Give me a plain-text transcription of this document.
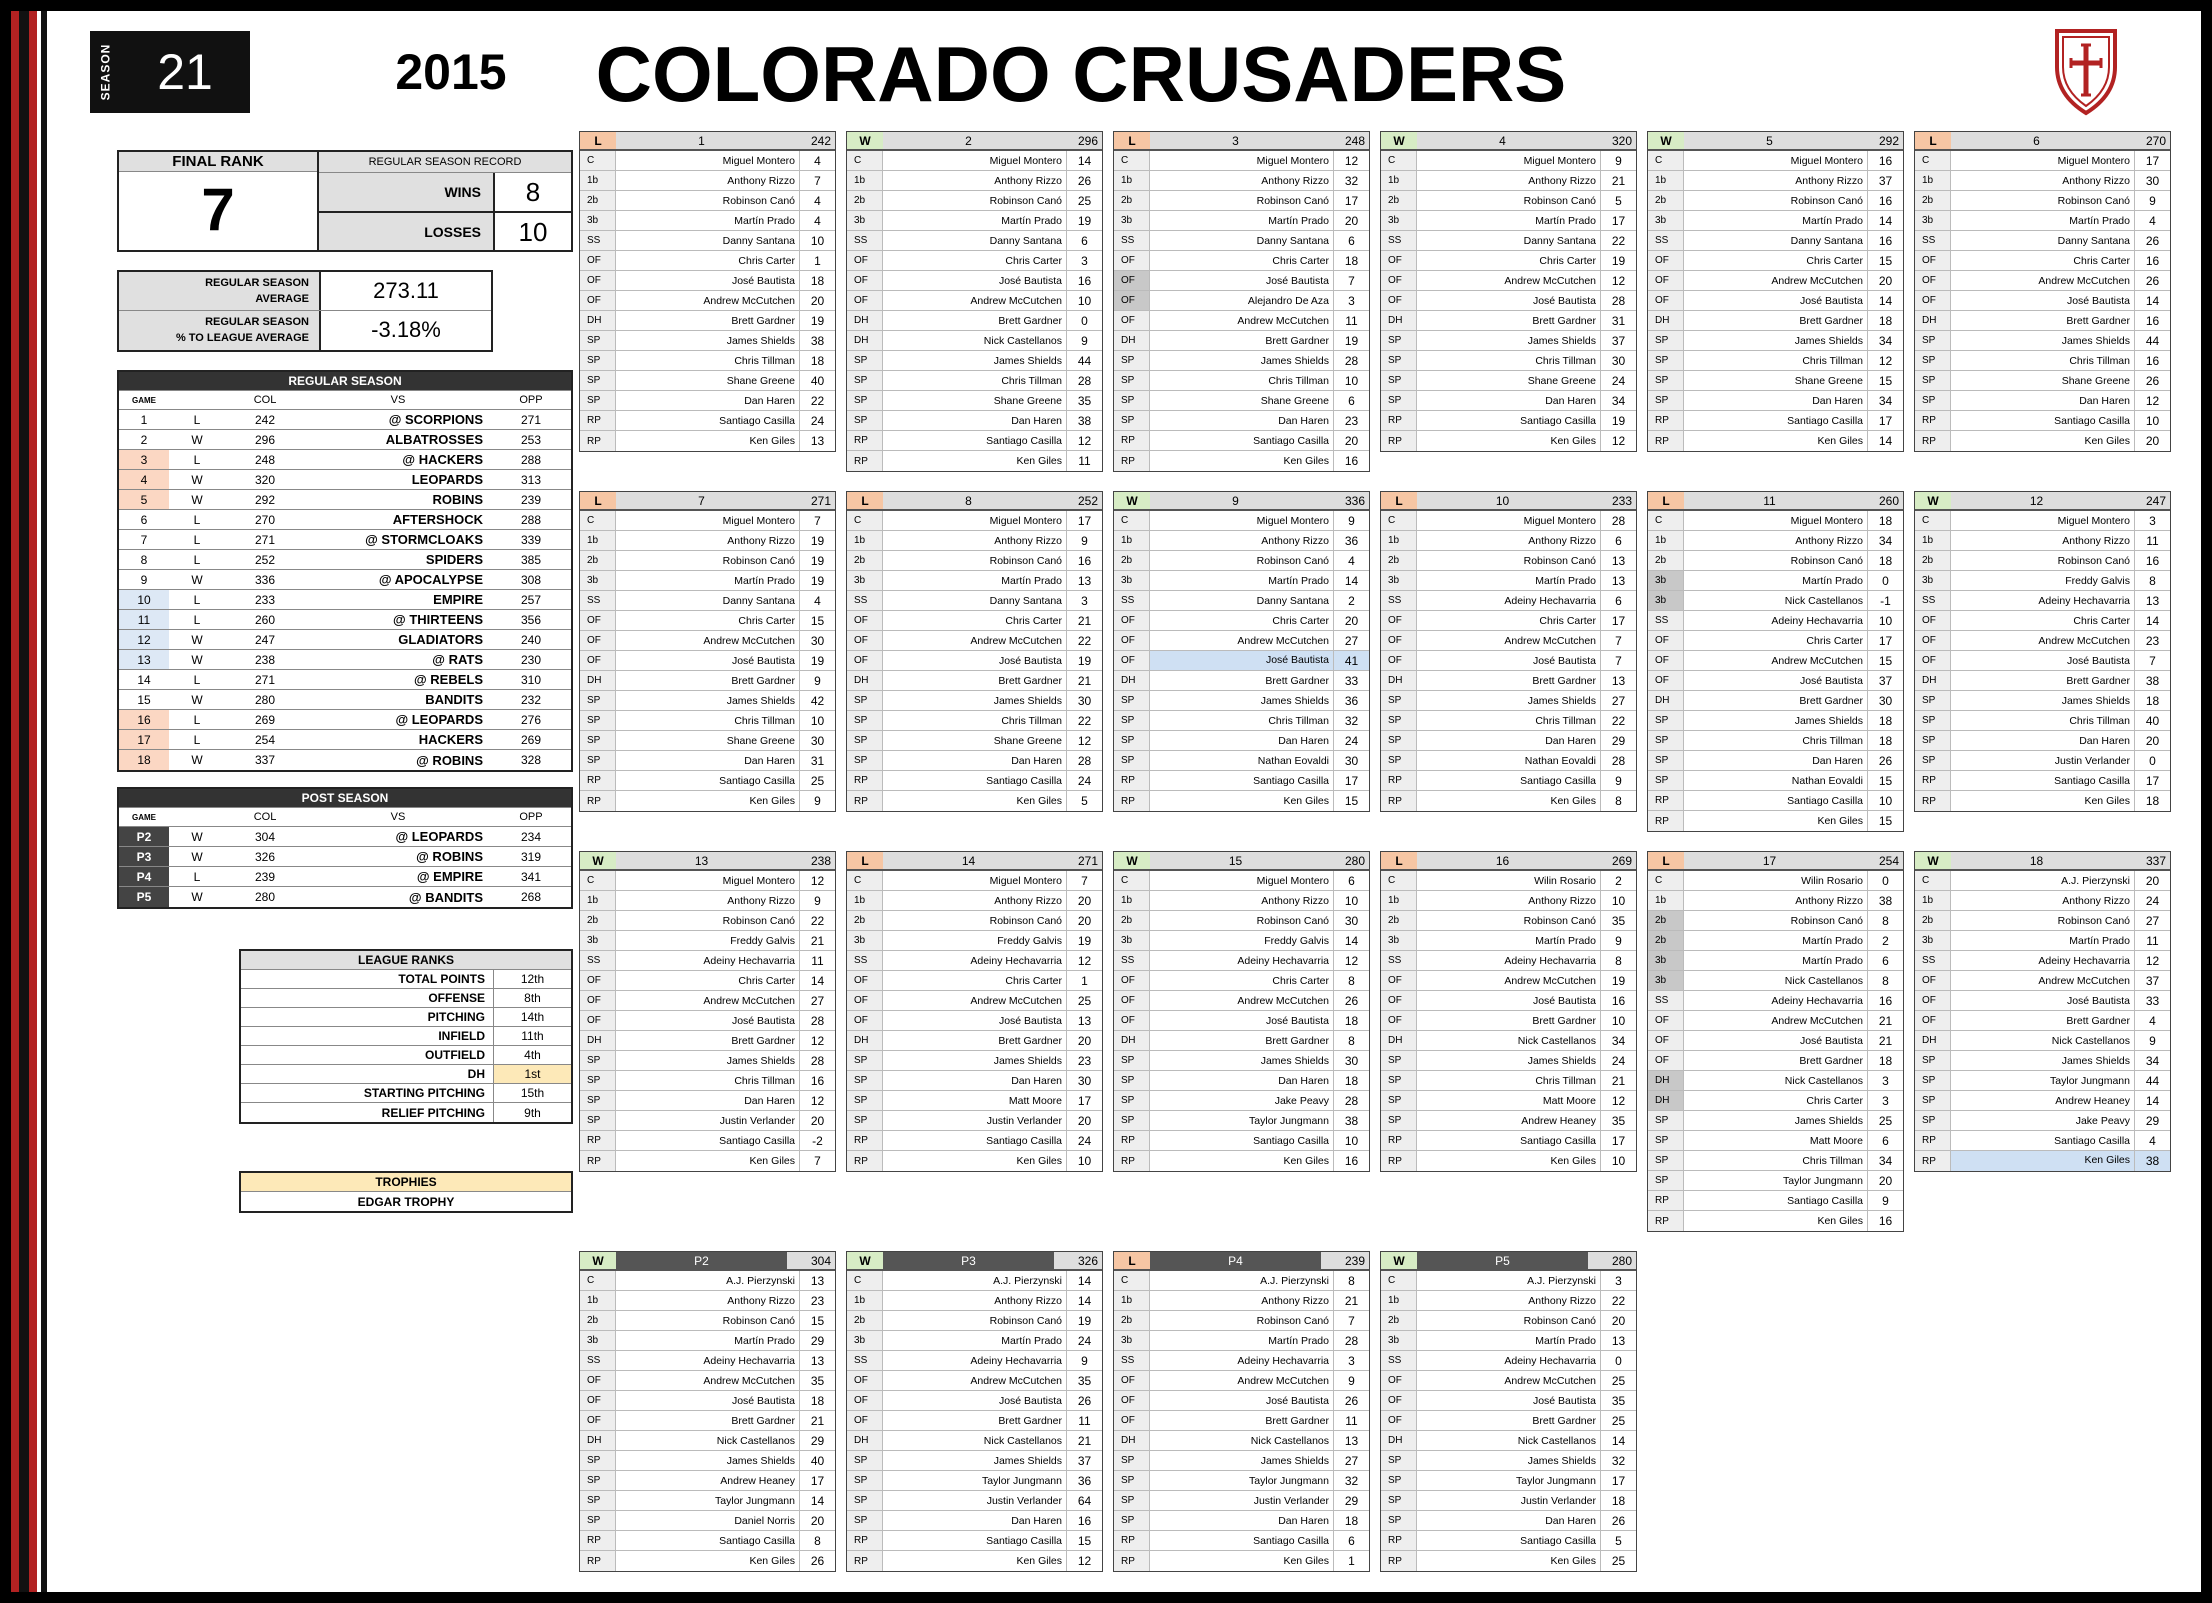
SEASON 21	2015	COLORADO CRUSADERS
FINAL RANK
7
REGULAR SEASON RECORD
WINS	8
LOSSES	10
REGULAR SEASON
AVERAGE	273.11
REGULAR SEASON
% TO LEAGUE AVERAGE	-3.18%
REGULAR SEASON
GAME	COL	VS	OPP
1	L	242	@ SCORPIONS	271
2	W	296	ALBATROSSES	253
3	L	248	@ HACKERS	288
4	W	320	LEOPARDS	313
5	W	292	ROBINS	239
6	L	270	AFTERSHOCK	288
7	L	271	@ STORMCLOAKS	339
8	L	252	SPIDERS	385
9	W	336	@ APOCALYPSE	308
10	L	233	EMPIRE	257
11	L	260	@ THIRTEENS	356
12	W	247	GLADIATORS	240
13	W	238	@ RATS	230
14	L	271	@ REBELS	310
15	W	280	BANDITS	232
16	L	269	@ LEOPARDS	276
17	L	254	HACKERS	269
18	W	337	@ ROBINS	328
POST SEASON
GAME	COL	VS	OPP
P2	W	304	@ LEOPARDS	234
P3	W	326	@ ROBINS	319
P4	L	239	@ EMPIRE	341
P5	W	280	@ BANDITS	268
LEAGUE RANKS
TOTAL POINTS	12th
OFFENSE	8th
PITCHING	14th
INFIELD	11th
OUTFIELD	4th
DH	1st
STARTING PITCHING	15th
RELIEF PITCHING	9th
TROPHIES
EDGAR TROPHY
L	1	242
C	Miguel Montero	4
1b	Anthony Rizzo	7
2b	Robinson Canó	4
3b	Martín Prado	4
SS	Danny Santana	10
OF	Chris Carter	1
OF	José Bautista	18
OF	Andrew McCutchen	20
DH	Brett Gardner	19
SP	James Shields	38
SP	Chris Tillman	18
SP	Shane Greene	40
SP	Dan Haren	22
RP	Santiago Casilla	24
RP	Ken Giles	13
W	2	296
C	Miguel Montero	14
1b	Anthony Rizzo	26
2b	Robinson Canó	25
3b	Martín Prado	19
SS	Danny Santana	6
OF	Chris Carter	3
OF	José Bautista	16
OF	Andrew McCutchen	10
DH	Brett Gardner	0
DH	Nick Castellanos	9
SP	James Shields	44
SP	Chris Tillman	28
SP	Shane Greene	35
SP	Dan Haren	38
RP	Santiago Casilla	12
RP	Ken Giles	11
L	3	248
C	Miguel Montero	12
1b	Anthony Rizzo	32
2b	Robinson Canó	17
3b	Martín Prado	20
SS	Danny Santana	6
OF	Chris Carter	18
OF	José Bautista	7
OF	Alejandro De Aza	3
OF	Andrew McCutchen	11
DH	Brett Gardner	19
SP	James Shields	28
SP	Chris Tillman	10
SP	Shane Greene	6
SP	Dan Haren	23
RP	Santiago Casilla	20
RP	Ken Giles	16
W	4	320
C	Miguel Montero	9
1b	Anthony Rizzo	21
2b	Robinson Canó	5
3b	Martín Prado	17
SS	Danny Santana	22
OF	Chris Carter	19
OF	Andrew McCutchen	12
OF	José Bautista	28
DH	Brett Gardner	31
SP	James Shields	37
SP	Chris Tillman	30
SP	Shane Greene	24
SP	Dan Haren	34
RP	Santiago Casilla	19
RP	Ken Giles	12
W	5	292
C	Miguel Montero	16
1b	Anthony Rizzo	37
2b	Robinson Canó	16
3b	Martín Prado	14
SS	Danny Santana	16
OF	Chris Carter	15
OF	Andrew McCutchen	20
OF	José Bautista	14
DH	Brett Gardner	18
SP	James Shields	34
SP	Chris Tillman	12
SP	Shane Greene	15
SP	Dan Haren	34
RP	Santiago Casilla	17
RP	Ken Giles	14
L	6	270
C	Miguel Montero	17
1b	Anthony Rizzo	30
2b	Robinson Canó	9
3b	Martín Prado	4
SS	Danny Santana	26
OF	Chris Carter	16
OF	Andrew McCutchen	26
OF	José Bautista	14
DH	Brett Gardner	16
SP	James Shields	44
SP	Chris Tillman	16
SP	Shane Greene	26
SP	Dan Haren	12
RP	Santiago Casilla	10
RP	Ken Giles	20
L	7	271
C	Miguel Montero	7
1b	Anthony Rizzo	19
2b	Robinson Canó	19
3b	Martín Prado	19
SS	Danny Santana	4
OF	Chris Carter	15
OF	Andrew McCutchen	30
OF	José Bautista	19
DH	Brett Gardner	9
SP	James Shields	42
SP	Chris Tillman	10
SP	Shane Greene	30
SP	Dan Haren	31
RP	Santiago Casilla	25
RP	Ken Giles	9
L	8	252
C	Miguel Montero	17
1b	Anthony Rizzo	9
2b	Robinson Canó	16
3b	Martín Prado	13
SS	Danny Santana	3
OF	Chris Carter	21
OF	Andrew McCutchen	22
OF	José Bautista	19
DH	Brett Gardner	21
SP	James Shields	30
SP	Chris Tillman	22
SP	Shane Greene	12
SP	Dan Haren	28
RP	Santiago Casilla	24
RP	Ken Giles	5
W	9	336
C	Miguel Montero	9
1b	Anthony Rizzo	36
2b	Robinson Canó	4
3b	Martín Prado	14
SS	Danny Santana	2
OF	Chris Carter	20
OF	Andrew McCutchen	27
OF	José Bautista	41
DH	Brett Gardner	33
SP	James Shields	36
SP	Chris Tillman	32
SP	Dan Haren	24
SP	Nathan Eovaldi	30
RP	Santiago Casilla	17
RP	Ken Giles	15
L	10	233
C	Miguel Montero	28
1b	Anthony Rizzo	6
2b	Robinson Canó	13
3b	Martín Prado	13
SS	Adeiny Hechavarria	6
OF	Chris Carter	17
OF	Andrew McCutchen	7
OF	José Bautista	7
DH	Brett Gardner	13
SP	James Shields	27
SP	Chris Tillman	22
SP	Dan Haren	29
SP	Nathan Eovaldi	28
RP	Santiago Casilla	9
RP	Ken Giles	8
L	11	260
C	Miguel Montero	18
1b	Anthony Rizzo	34
2b	Robinson Canó	18
3b	Martín Prado	0
3b	Nick Castellanos	-1
SS	Adeiny Hechavarria	10
OF	Chris Carter	17
OF	Andrew McCutchen	15
OF	José Bautista	37
DH	Brett Gardner	30
SP	James Shields	18
SP	Chris Tillman	18
SP	Dan Haren	26
SP	Nathan Eovaldi	15
RP	Santiago Casilla	10
RP	Ken Giles	15
W	12	247
C	Miguel Montero	3
1b	Anthony Rizzo	11
2b	Robinson Canó	16
3b	Freddy Galvis	8
SS	Adeiny Hechavarria	13
OF	Chris Carter	14
OF	Andrew McCutchen	23
OF	José Bautista	7
DH	Brett Gardner	38
SP	James Shields	18
SP	Chris Tillman	40
SP	Dan Haren	20
SP	Justin Verlander	0
RP	Santiago Casilla	17
RP	Ken Giles	18
W	13	238
C	Miguel Montero	12
1b	Anthony Rizzo	9
2b	Robinson Canó	22
3b	Freddy Galvis	21
SS	Adeiny Hechavarria	11
OF	Chris Carter	14
OF	Andrew McCutchen	27
OF	José Bautista	28
DH	Brett Gardner	12
SP	James Shields	28
SP	Chris Tillman	16
SP	Dan Haren	12
SP	Justin Verlander	20
RP	Santiago Casilla	-2
RP	Ken Giles	7
L	14	271
C	Miguel Montero	7
1b	Anthony Rizzo	20
2b	Robinson Canó	20
3b	Freddy Galvis	19
SS	Adeiny Hechavarria	12
OF	Chris Carter	1
OF	Andrew McCutchen	25
OF	José Bautista	13
DH	Brett Gardner	20
SP	James Shields	23
SP	Dan Haren	30
SP	Matt Moore	17
SP	Justin Verlander	20
RP	Santiago Casilla	24
RP	Ken Giles	10
W	15	280
C	Miguel Montero	6
1b	Anthony Rizzo	10
2b	Robinson Canó	30
3b	Freddy Galvis	14
SS	Adeiny Hechavarria	12
OF	Chris Carter	8
OF	Andrew McCutchen	26
OF	José Bautista	18
DH	Brett Gardner	8
SP	James Shields	30
SP	Dan Haren	18
SP	Jake Peavy	28
SP	Taylor Jungmann	38
RP	Santiago Casilla	10
RP	Ken Giles	16
L	16	269
C	Wilin Rosario	2
1b	Anthony Rizzo	10
2b	Robinson Canó	35
3b	Martín Prado	9
SS	Adeiny Hechavarria	8
OF	Andrew McCutchen	19
OF	José Bautista	16
OF	Brett Gardner	10
DH	Nick Castellanos	34
SP	James Shields	24
SP	Chris Tillman	21
SP	Matt Moore	12
SP	Andrew Heaney	35
RP	Santiago Casilla	17
RP	Ken Giles	10
L	17	254
C	Wilin Rosario	0
1b	Anthony Rizzo	38
2b	Robinson Canó	8
2b	Martín Prado	2
3b	Martín Prado	6
3b	Nick Castellanos	8
SS	Adeiny Hechavarria	16
OF	Andrew McCutchen	21
OF	José Bautista	21
OF	Brett Gardner	18
DH	Nick Castellanos	3
DH	Chris Carter	3
SP	James Shields	25
SP	Matt Moore	6
SP	Chris Tillman	34
SP	Taylor Jungmann	20
RP	Santiago Casilla	9
RP	Ken Giles	16
W	18	337
C	A.J. Pierzynski	20
1b	Anthony Rizzo	24
2b	Robinson Canó	27
3b	Martín Prado	11
SS	Adeiny Hechavarria	12
OF	Andrew McCutchen	37
OF	José Bautista	33
OF	Brett Gardner	4
DH	Nick Castellanos	9
SP	James Shields	34
SP	Taylor Jungmann	44
SP	Andrew Heaney	14
SP	Jake Peavy	29
RP	Santiago Casilla	4
RP	Ken Giles	38
W	P2	304
C	A.J. Pierzynski	13
1b	Anthony Rizzo	23
2b	Robinson Canó	15
3b	Martín Prado	29
SS	Adeiny Hechavarria	13
OF	Andrew McCutchen	35
OF	José Bautista	18
OF	Brett Gardner	21
DH	Nick Castellanos	29
SP	James Shields	40
SP	Andrew Heaney	17
SP	Taylor Jungmann	14
SP	Daniel Norris	20
RP	Santiago Casilla	8
RP	Ken Giles	26
W	P3	326
C	A.J. Pierzynski	14
1b	Anthony Rizzo	14
2b	Robinson Canó	19
3b	Martín Prado	24
SS	Adeiny Hechavarria	9
OF	Andrew McCutchen	35
OF	José Bautista	26
OF	Brett Gardner	11
DH	Nick Castellanos	21
SP	James Shields	37
SP	Taylor Jungmann	36
SP	Justin Verlander	64
SP	Dan Haren	16
RP	Santiago Casilla	15
RP	Ken Giles	12
L	P4	239
C	A.J. Pierzynski	8
1b	Anthony Rizzo	21
2b	Robinson Canó	7
3b	Martín Prado	28
SS	Adeiny Hechavarria	3
OF	Andrew McCutchen	9
OF	José Bautista	26
OF	Brett Gardner	11
DH	Nick Castellanos	13
SP	James Shields	27
SP	Taylor Jungmann	32
SP	Justin Verlander	29
SP	Dan Haren	18
RP	Santiago Casilla	6
RP	Ken Giles	1
W	P5	280
C	A.J. Pierzynski	3
1b	Anthony Rizzo	22
2b	Robinson Canó	20
3b	Martín Prado	13
SS	Adeiny Hechavarria	0
OF	Andrew McCutchen	25
OF	José Bautista	35
OF	Brett Gardner	25
DH	Nick Castellanos	14
SP	James Shields	32
SP	Taylor Jungmann	17
SP	Justin Verlander	18
SP	Dan Haren	26
RP	Santiago Casilla	5
RP	Ken Giles	25
